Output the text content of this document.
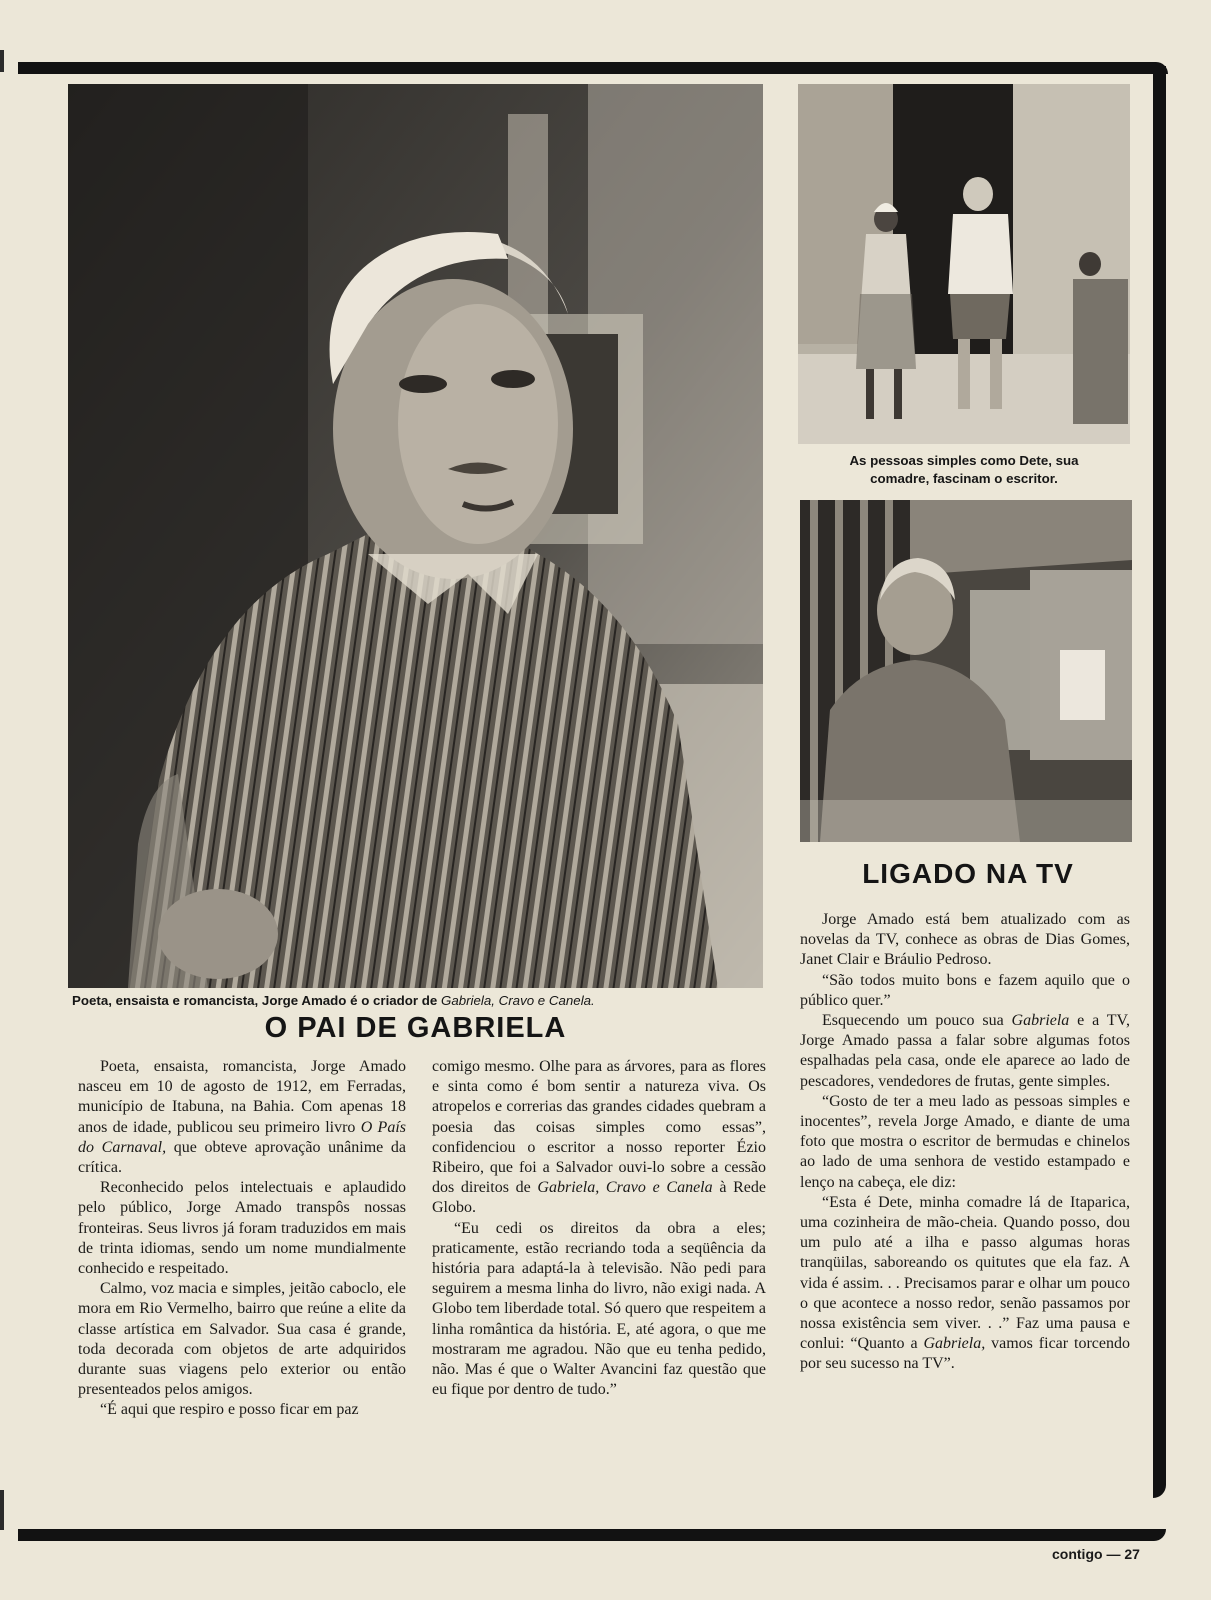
Poeta, ensaista e romancista, Jorge Amado é o criador de Gabriela, Cravo e Canela.
As pessoas simples como Dete, sua
comadre, fascinam o escritor.
O PAI DE GABRIELA
LIGADO NA TV

Poeta, ensaista, romancista, Jorge Amado nasceu em 10 de agosto de 1912, em Ferradas, município de Itabuna, na Bahia. Com apenas 18 anos de idade, publicou seu primeiro livro O País do Carnaval, que obteve aprovação unânime da crítica.

Reconhecido pelos intelectuais e aplaudido pelo público, Jorge Amado transpôs nossas fronteiras. Seus livros já foram traduzidos em mais de trinta idiomas, sendo um nome mundialmente conhecido e respeitado.

Calmo, voz macia e simples, jeitão caboclo, ele mora em Rio Vermelho, bairro que reúne a elite da classe artística em Salvador. Sua casa é grande, toda decorada com objetos de arte adquiridos durante suas viagens pelo exterior ou então presenteados pelos amigos.

“É aqui que respiro e posso ficar em paz

comigo mesmo. Olhe para as árvores, para as flores e sinta como é bom sentir a natureza viva. Os atropelos e correrias das grandes cidades quebram a poesia das coisas simples como essas”, confidenciou o escritor a nosso reporter Ézio Ribeiro, que foi a Salvador ouvi-lo sobre a cessão dos direitos de Gabriela, Cravo e Canela à Rede Globo.

“Eu cedi os direitos da obra a eles; praticamente, estão recriando toda a seqüência da história para adaptá-la à televisão. Não pedi para seguirem a mesma linha do livro, não exigi nada. A Globo tem liberdade total. Só quero que respeitem a linha romântica da história. E, até agora, o que me mostraram me agradou. Não que eu tenha pedido, não. Mas é que o Walter Avancini faz questão que eu fique por dentro de tudo.”

Jorge Amado está bem atualizado com as novelas da TV, conhece as obras de Dias Gomes, Janet Clair e Bráulio Pedroso.

“São todos muito bons e fazem aquilo que o público quer.”

Esquecendo um pouco sua Gabriela e a TV, Jorge Amado passa a falar sobre algumas fotos espalhadas pela casa, onde ele aparece ao lado de pescadores, vendedores de frutas, gente simples.

“Gosto de ter a meu lado as pessoas simples e inocentes”, revela Jorge Amado, e diante de uma foto que mostra o escritor de bermudas e chinelos ao lado de uma senhora de vestido estampado e lenço na cabeça, ele diz:

“Esta é Dete, minha comadre lá de Itaparica, uma cozinheira de mão-cheia. Quando posso, dou um pulo até a ilha e passo algumas horas tranqüilas, saboreando os quitutes que ela faz. A vida é assim. . . Precisamos parar e olhar um pouco o que acontece a nosso redor, senão passamos por nossa existência sem viver. . .” Faz uma pausa e conlui: “Quanto a Gabriela, vamos ficar torcendo por seu sucesso na TV”.

contigo — 27
